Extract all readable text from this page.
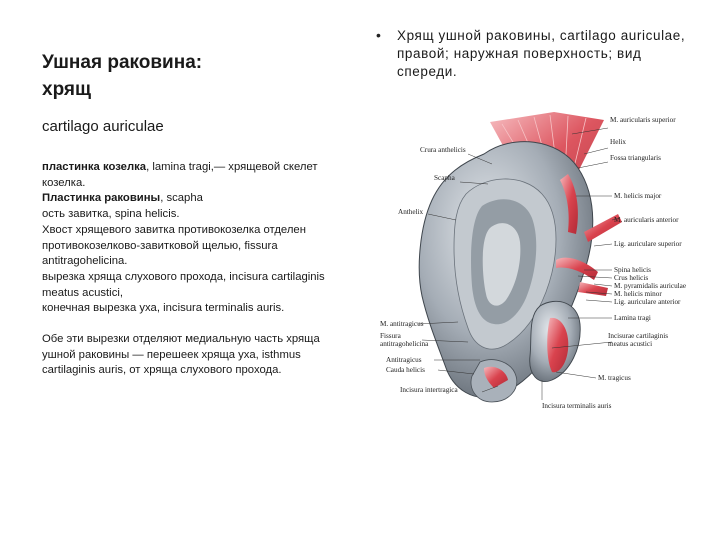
Ушная раковина:
хрящ
cartilago auriculae

пластинка козелка, lamina tragi,— хрящевой скелет козелка.

Пластинка раковины, scapha

ость завитка, spina helicis.

Хвост хрящевого завитка противокозелка отделен противокозелково-завитковой щелью, fissura antitragohelicina.

вырезка хряща слухового прохода, incisura cartilaginis meatus acustici,

конечная вырезка уха, incisura terminalis auris.

Обе эти вырезки отделяют медиальную часть хряща ушной раковины — перешеек хряща уха, isthmus cartilaginis auris, от хряща слухового прохода.

• Хрящ ушной раковины, cartilago auriculae, правой; наружная поверхность; вид спереди.
M. auricularis superior
Helix
Fossa triangularis
Crura anthelicis
Scapha
M. helicis major
Anthelix
M. auricularis anterior
Lig. auriculare superior
Spina helicis
Crus helicis
M. pyramidalis auriculae
M. helicis minor
Lig. auriculare anterior
Lamina tragi
M. antitragicus
Fissura
antitragohelicina
Antitragicus
Cauda helicis
Incisura intertragica
Incisurae cartilaginis
meatus acustici
M. tragicus
Incisura terminalis auris
